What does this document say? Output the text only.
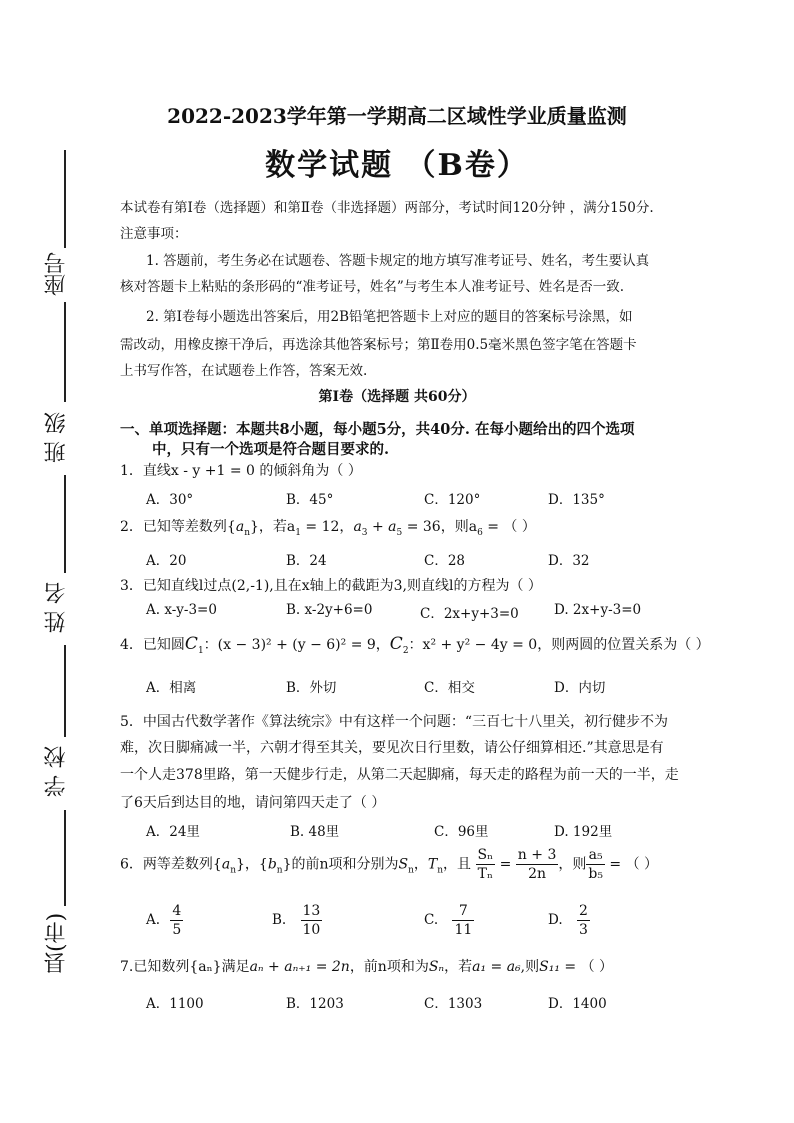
座号
班 级
姓 名
学 校
县(市)
2022-2023学年第一学期高二区域性学业质量监测
数学试题 （B卷）
本试卷有第Ⅰ卷（选择题）和第Ⅱ卷（非选择题）两部分，考试时间120分钟 ，满分150分.
注意事项：
1. 答题前，考生务必在试题卷、答题卡规定的地方填写准考证号、姓名，考生要认真
核对答题卡上粘贴的条形码的“准考证号，姓名”与考生本人准考证号、姓名是否一致.
2. 第Ⅰ卷每小题选出答案后，用2B铅笔把答题卡上对应的题目的答案标号涂黑，如
需改动，用橡皮擦干净后，再选涂其他答案标号；第Ⅱ卷用0.5毫米黑色签字笔在答题卡
上书写作答，在试题卷上作答，答案无效.
第Ⅰ卷（选择题 共60分）
一、单项选择题：本题共8小题，每小题5分，共40分. 在每小题给出的四个选项
中，只有一个选项是符合题目要求的.
1．直线x - y +1 = 0 的倾斜角为（ ）
A．30°	B．45°	C．120°	D．135°
2．已知等差数列$\{a_n\}$，若$a_1 = 12$，$a_3 + a_5 = 36$，则$a_6$ = （ ）
A．20	B．24	C．28	D．32
3．已知直线l过点(2,-1),且在x轴上的截距为3,则直线l的方程为（ ）
A. x-y-3=0	B. x-2y+6=0	C．2x+y+3=0	D. 2x+y-3=0
4．已知圆$C_1$：(x − 3)² + (y − 6)² = 9，$C_2$：x² + y² − 4y = 0，则两圆的位置关系为（ ）
A．相离	B．外切	C．相交	D．内切
5．中国古代数学著作《算法统宗》中有这样一个问题：“三百七十八里关，初行健步不为
难，次日脚痛减一半，六朝才得至其关，要见次日行里数，请公仔细算相还.”其意思是有
一个人走378里路，第一天健步行走，从第二天起脚痛，每天走的路程为前一天的一半，走
了6天后到达目的地，请问第四天走了（ ）
A．24里	B. 48里	C．96里	D. 192里
6．两等差数列$\{a_n\}$，$\{b_n\}$的前n项和分别为$S_n$，$T_n$，且 $\frac{\text{Sₙ}}{\text{Tₙ}} = \frac{n + 3}{2n}$ ，则 $\frac{\text{a₅}}{\text{b₅}}$ = （ ）
A. $\frac{4}{5}$	B. $\frac{13}{10}$	C. $\frac{7}{11}$	D. $\frac{2}{3}$
7.已知数列{aₙ}满足aₙ + aₙ₊₁ = 2n，前n项和为Sₙ，若a₁ = a₆,则S₁₁ = （ ）
A．1100	B．1203	C．1303	D．1400
